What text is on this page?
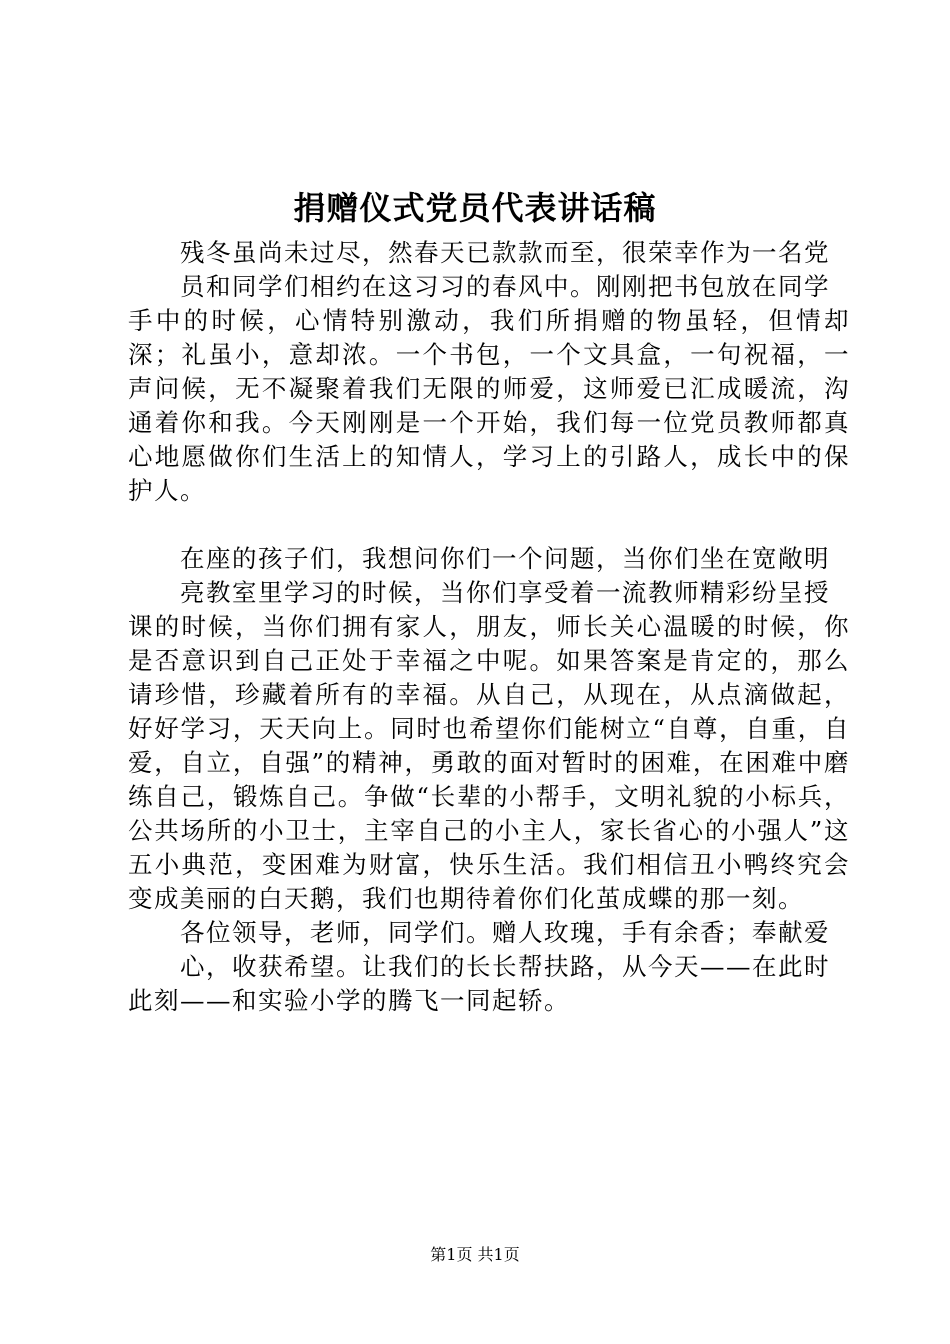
捐赠仪式党员代表讲话稿

残冬虽尚未过尽，然春天已款款而至，很荣幸作为一名党
员和同学们相约在这习习的春风中。刚刚把书包放在同学
手中的时候，心情特别激动，我们所捐赠的物虽轻，但情却深；礼虽小，意却浓。一个书包，一个文具盒，一句祝福，一声问候，无不凝聚着我们无限的师爱，这师爱已汇成暖流，沟通着你和我。今天刚刚是一个开始，我们每一位党员教师都真心地愿做你们生活上的知情人，学习上的引路人，成长中的保护人。

在座的孩子们，我想问你们一个问题，当你们坐在宽敞明
亮教室里学习的时候，当你们享受着一流教师精彩纷呈授
课的时候，当你们拥有家人，朋友，师长关心温暖的时候，你是否意识到自己正处于幸福之中呢。如果答案是肯定的，那么请珍惜，珍藏着所有的幸福。从自己，从现在，从点滴做起，好好学习，天天向上。同时也希望你们能树立“自尊，自重，自爱，自立，自强”的精神，勇敢的面对暂时的困难，在困难中磨练自己，锻炼自己。争做“长辈的小帮手，文明礼貌的小标兵，公共场所的小卫士，主宰自己的小主人，家长省心的小强人”这五小典范，变困难为财富，快乐生活。我们相信丑小鸭终究会变成美丽的白天鹅，我们也期待着你们化茧成蝶的那一刻。

各位领导，老师，同学们。赠人玫瑰，手有余香；奉献爱
心，收获希望。让我们的长长帮扶路，从今天——在此时
此刻——和实验小学的腾飞一同起轿。

第1页 共1页
